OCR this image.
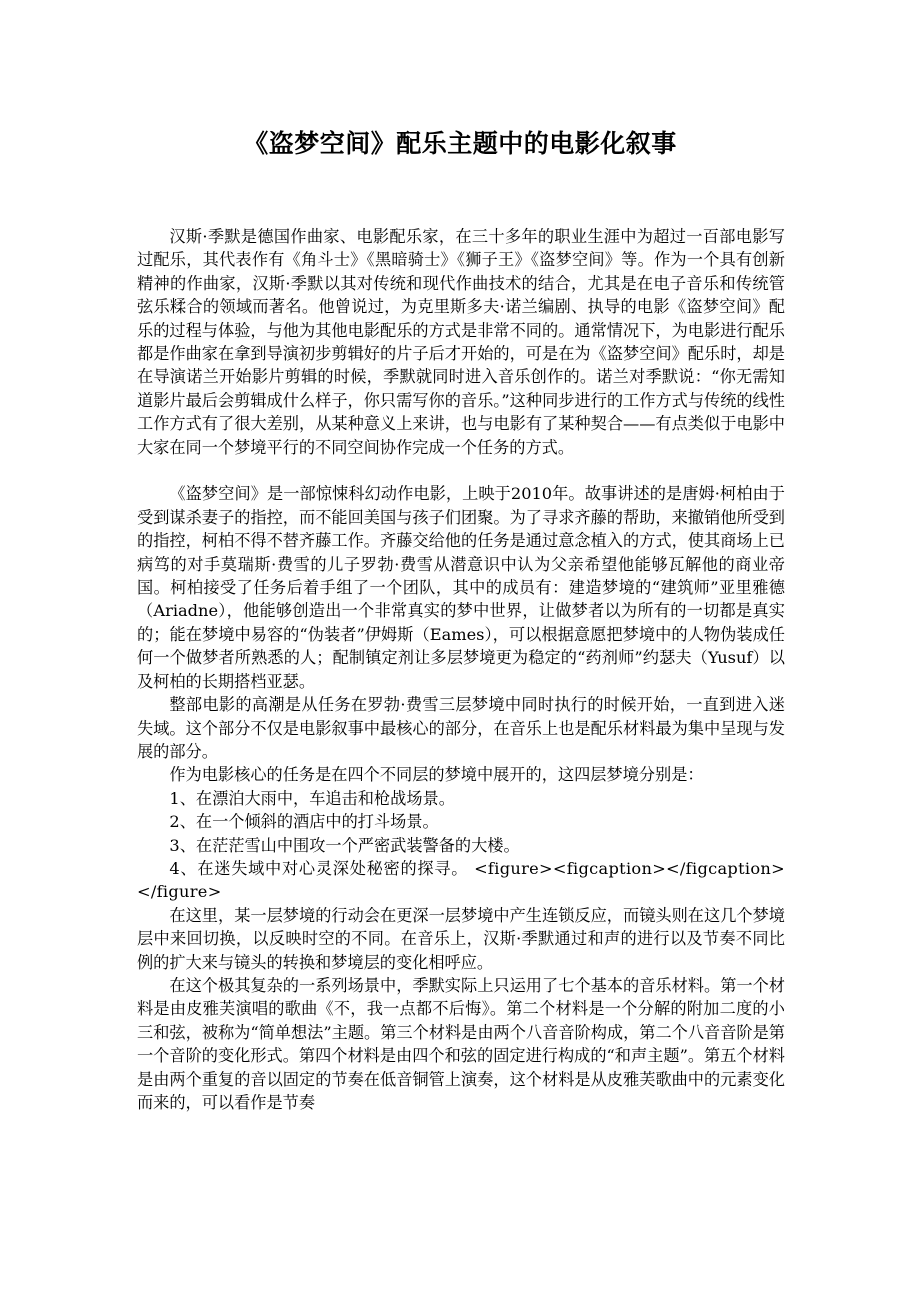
《盗梦空间》配乐主题中的电影化叙事

汉斯·季默是德国作曲家、电影配乐家，在三十多年的职业生涯中为超过一百部电影写过配乐，其代表作有《角斗士》《黑暗骑士》《狮子王》《盗梦空间》等。作为一个具有创新精神的作曲家，汉斯·季默以其对传统和现代作曲技术的结合，尤其是在电子音乐和传统管弦乐糅合的领域而著名。他曾说过，为克里斯多夫·诺兰编剧、执导的电影《盗梦空间》配乐的过程与体验，与他为其他电影配乐的方式是非常不同的。通常情况下，为电影进行配乐都是作曲家在拿到导演初步剪辑好的片子后才开始的，可是在为《盗梦空间》配乐时，却是在导演诺兰开始影片剪辑的时候，季默就同时进入音乐创作的。诺兰对季默说：“你无需知道影片最后会剪辑成什么样子，你只需写你的音乐。”这种同步进行的工作方式与传统的线性工作方式有了很大差别，从某种意义上来讲，也与电影有了某种契合——有点类似于电影中大家在同一个梦境平行的不同空间协作完成一个任务的方式。

《盗梦空间》是一部惊悚科幻动作电影，上映于2010年。故事讲述的是唐姆·柯柏由于受到谋杀妻子的指控，而不能回美国与孩子们团聚。为了寻求齐藤的帮助，来撤销他所受到的指控，柯柏不得不替齐藤工作。齐藤交给他的任务是通过意念植入的方式，使其商场上已病笃的对手莫瑞斯·费雪的儿子罗勃·费雪从潜意识中认为父亲希望他能够瓦解他的商业帝国。柯柏接受了任务后着手组了一个团队，其中的成员有：建造梦境的“建筑师”亚里雅德（Ariadne），他能够创造出一个非常真实的梦中世界，让做梦者以为所有的一切都是真实的；能在梦境中易容的“伪装者”伊姆斯（Eames），可以根据意愿把梦境中的人物伪装成任何一个做梦者所熟悉的人；配制镇定剂让多层梦境更为稳定的“药剂师”约瑟夫（Yusuf）以及柯柏的长期搭档亚瑟。

整部电影的高潮是从任务在罗勃·费雪三层梦境中同时执行的时候开始，一直到进入迷失域。这个部分不仅是电影叙事中最核心的部分，在音乐上也是配乐材料最为集中呈现与发展的部分。

作为电影核心的任务是在四个不同层的梦境中展开的，这四层梦境分别是：

1、在漂泊大雨中，车追击和枪战场景。

2、在一个倾斜的酒店中的打斗场景。

3、在茫茫雪山中围攻一个严密武装警备的大楼。

4、在迷失域中对心灵深处秘密的探寻。 <figure><figcaption></figcaption> </figure>

在这里，某一层梦境的行动会在更深一层梦境中产生连锁反应，而镜头则在这几个梦境层中来回切换，以反映时空的不同。在音乐上，汉斯·季默通过和声的进行以及节奏不同比例的扩大来与镜头的转换和梦境层的变化相呼应。

在这个极其复杂的一系列场景中，季默实际上只运用了七个基本的音乐材料。第一个材料是由皮雅芙演唱的歌曲《不，我一点都不后悔》。第二个材料是一个分解的附加二度的小三和弦，被称为“简单想法”主题。第三个材料是由两个八音音阶构成，第二个八音音阶是第一个音阶的变化形式。第四个材料是由四个和弦的固定进行构成的“和声主题”。第五个材料是由两个重复的音以固定的节奏在低音铜管上演奏，这个材料是从皮雅芙歌曲中的元素变化而来的，可以看作是节奏
